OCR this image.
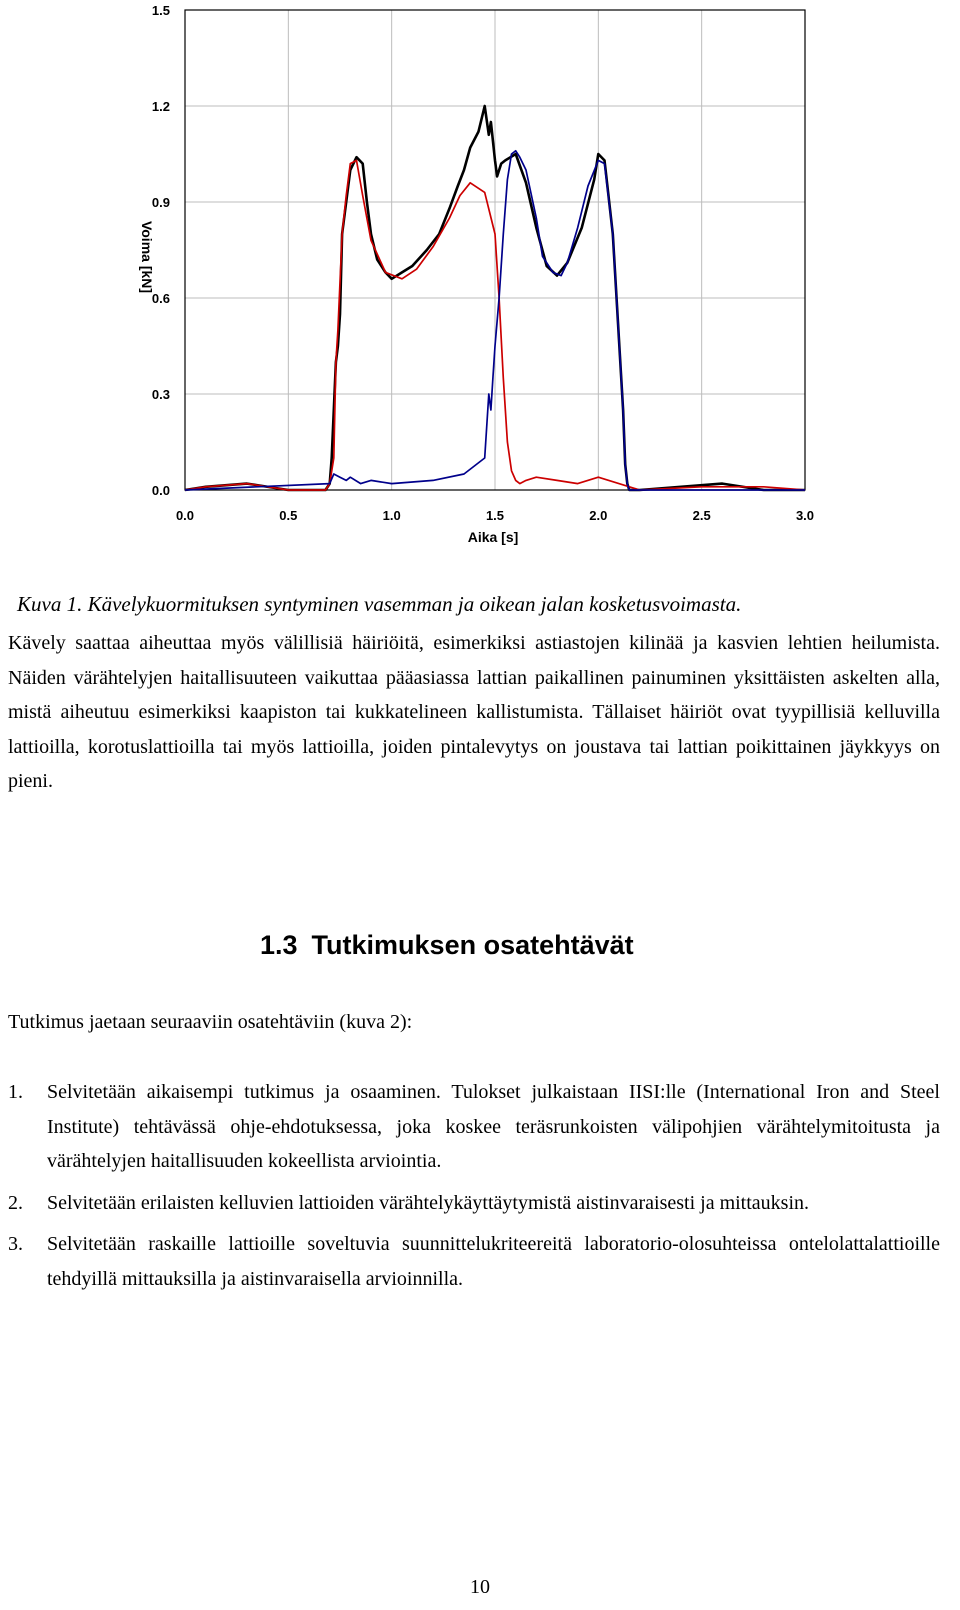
0.0
0.3
0.6
0.9
1.2
1.5
0.0	0.5	1.0	1.5	2.0	2.5	3.0
Aika [s]
Voima [kN]

Kuva 1. Kävelykuormituksen syntyminen vasemman ja oikean jalan kosketusvoimasta.

Kävely saattaa aiheuttaa myös välillisiä häiriöitä, esimerkiksi astiastojen kilinää ja kasvien lehtien heilumista. Näiden värähtelyjen haitallisuuteen vaikuttaa pääasiassa lattian paikallinen painuminen yksittäisten askelten alla, mistä aiheutuu esimerkiksi kaapiston tai kukkatelineen kallistumista. Tällaiset häiriöt ovat tyypillisiä kelluvilla lattioilla, korotuslattioilla tai myös lattioilla, joiden pintalevytys on joustava tai lattian poikittainen jäykkyys on pieni.

1.3 Tutkimuksen osatehtävät

Tutkimus jaetaan seuraaviin osatehtäviin (kuva 2):

1. Selvitetään aikaisempi tutkimus ja osaaminen. Tulokset julkaistaan IISI:lle (International Iron and Steel Institute) tehtävässä ohje-ehdotuksessa, joka koskee teräsrunkoisten välipohjien värähtelymitoitusta ja värähtelyjen haitallisuuden kokeellista arviointia.
2. Selvitetään erilaisten kelluvien lattioiden värähtelykäyttäytymistä aistinvaraisesti ja mittauksin.
3. Selvitetään raskaille lattioille soveltuvia suunnittelukriteereitä laboratorio-olosuhteissa ontelolattalattioille tehdyillä mittauksilla ja aistinvaraisella arvioinnilla.

10
